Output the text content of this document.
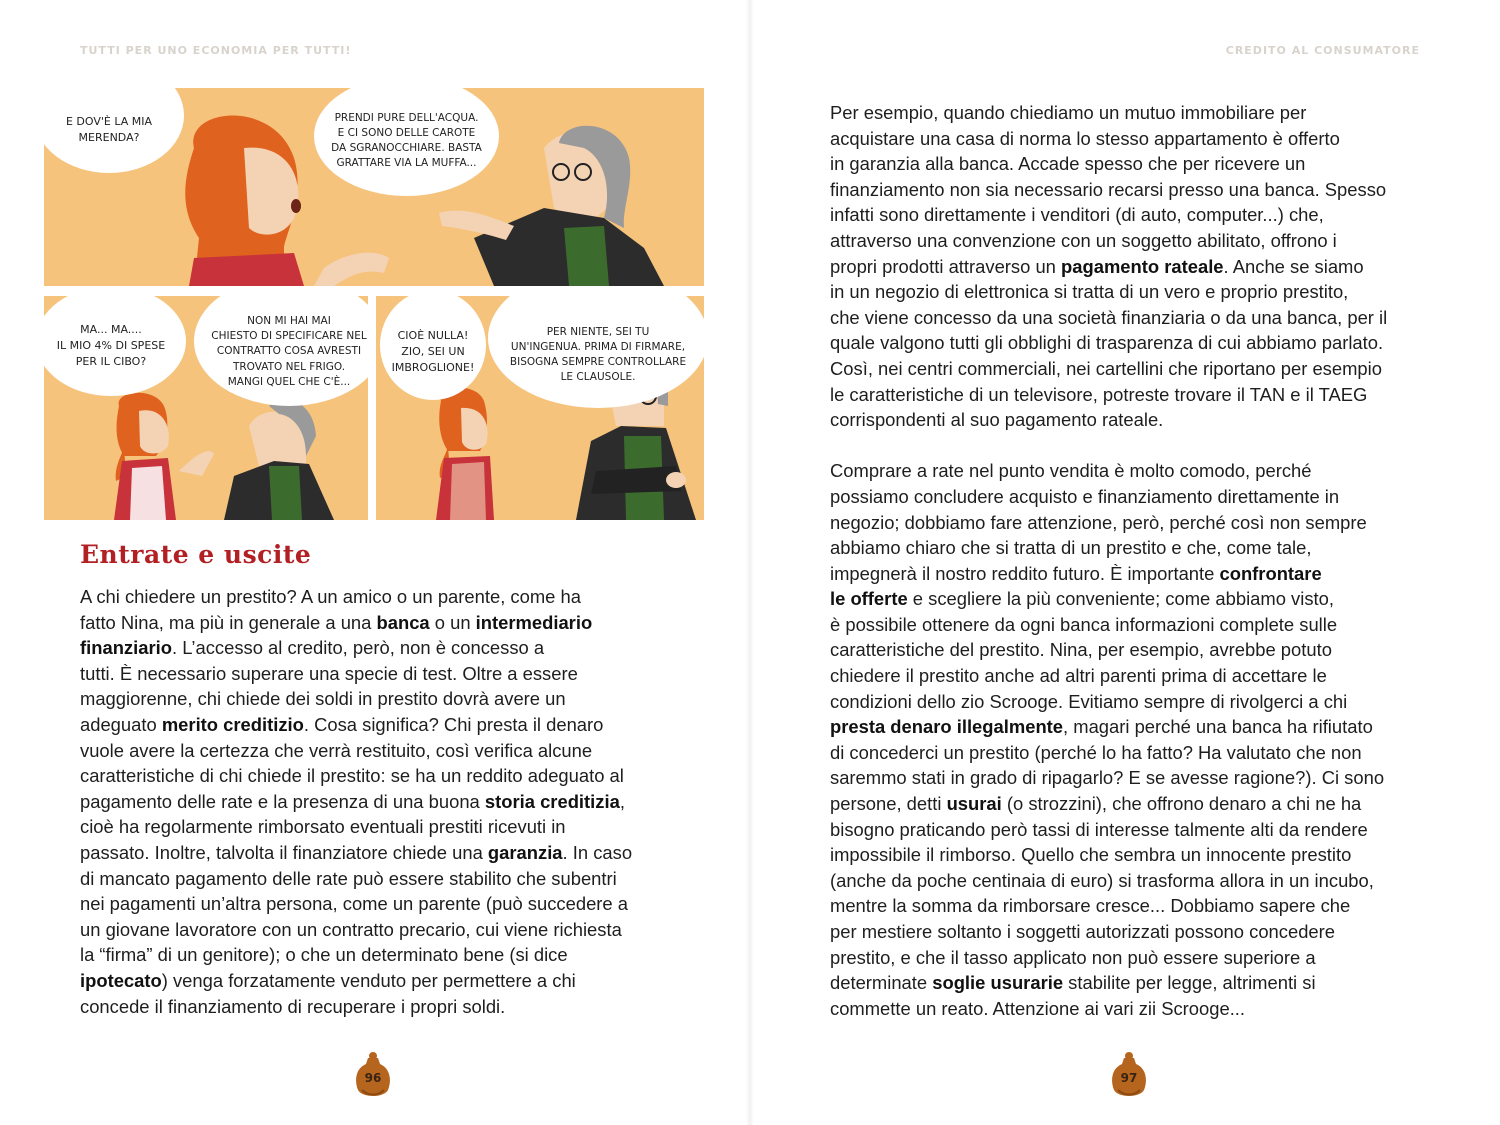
TUTTI PER UNO ECONOMIA PER TUTTI!
E DOV'È LA MIA
MERENDA?
PRENDI PURE DELL'ACQUA.
E CI SONO DELLE CAROTE
DA SGRANOCCHIARE. BASTA
GRATTARE VIA LA MUFFA...
MA... MA....
IL MIO 4% DI SPESE
PER IL CIBO?
NON MI HAI MAI
CHIESTO DI SPECIFICARE NEL
CONTRATTO COSA AVRESTI
TROVATO NEL FRIGO.
MANGI QUEL CHE C'È...
CIOÈ NULLA!
ZIO, SEI UN
IMBROGLIONE!
PER NIENTE, SEI TU
UN'INGENUA. PRIMA DI FIRMARE,
BISOGNA SEMPRE CONTROLLARE
LE CLAUSOLE.
Entrate e uscite
A chi chiedere un prestito? A un amico o un parente, come ha
fatto Nina, ma più in generale a una banca o un intermediario
finanziario. L’accesso al credito, però, non è concesso a
tutti. È necessario superare una specie di test. Oltre a essere
maggiorenne, chi chiede dei soldi in prestito dovrà avere un
adeguato merito creditizio. Cosa significa? Chi presta il denaro
vuole avere la certezza che verrà restituito, così verifica alcune
caratteristiche di chi chiede il prestito: se ha un reddito adeguato al
pagamento delle rate e la presenza di una buona storia creditizia,
cioè ha regolarmente rimborsato eventuali prestiti ricevuti in
passato. Inoltre, talvolta il finanziatore chiede una garanzia. In caso
di mancato pagamento delle rate può essere stabilito che subentri
nei pagamenti un’altra persona, come un parente (può succedere a
un giovane lavoratore con un contratto precario, cui viene richiesta
la “firma” di un genitore); o che un determinato bene (si dice
ipotecato) venga forzatamente venduto per permettere a chi
concede il finanziamento di recuperare i propri soldi.
96
CREDITO AL CONSUMATORE
Per esempio, quando chiediamo un mutuo immobiliare per
acquistare una casa di norma lo stesso appartamento è offerto
in garanzia alla banca. Accade spesso che per ricevere un
finanziamento non sia necessario recarsi presso una banca. Spesso
infatti sono direttamente i venditori (di auto, computer...) che,
attraverso una convenzione con un soggetto abilitato, offrono i
propri prodotti attraverso un pagamento rateale. Anche se siamo
in un negozio di elettronica si tratta di un vero e proprio prestito,
che viene concesso da una società finanziaria o da una banca, per il
quale valgono tutti gli obblighi di trasparenza di cui abbiamo parlato.
Così, nei centri commerciali, nei cartellini che riportano per esempio
le caratteristiche di un televisore, potreste trovare il TAN e il TAEG
corrispondenti al suo pagamento rateale.
Comprare a rate nel punto vendita è molto comodo, perché
possiamo concludere acquisto e finanziamento direttamente in
negozio; dobbiamo fare attenzione, però, perché così non sempre
abbiamo chiaro che si tratta di un prestito e che, come tale,
impegnerà il nostro reddito futuro. È importante confrontare
le offerte e scegliere la più conveniente; come abbiamo visto,
è possibile ottenere da ogni banca informazioni complete sulle
caratteristiche del prestito. Nina, per esempio, avrebbe potuto
chiedere il prestito anche ad altri parenti prima di accettare le
condizioni dello zio Scrooge. Evitiamo sempre di rivolgerci a chi
presta denaro illegalmente, magari perché una banca ha rifiutato
di concederci un prestito (perché lo ha fatto? Ha valutato che non
saremmo stati in grado di ripagarlo? E se avesse ragione?). Ci sono
persone, detti usurai (o strozzini), che offrono denaro a chi ne ha
bisogno praticando però tassi di interesse talmente alti da rendere
impossibile il rimborso. Quello che sembra un innocente prestito
(anche da poche centinaia di euro) si trasforma allora in un incubo,
mentre la somma da rimborsare cresce... Dobbiamo sapere che
per mestiere soltanto i soggetti autorizzati possono concedere
prestito, e che il tasso applicato non può essere superiore a
determinate soglie usurarie stabilite per legge, altrimenti si
commette un reato. Attenzione ai vari zii Scrooge...
97
